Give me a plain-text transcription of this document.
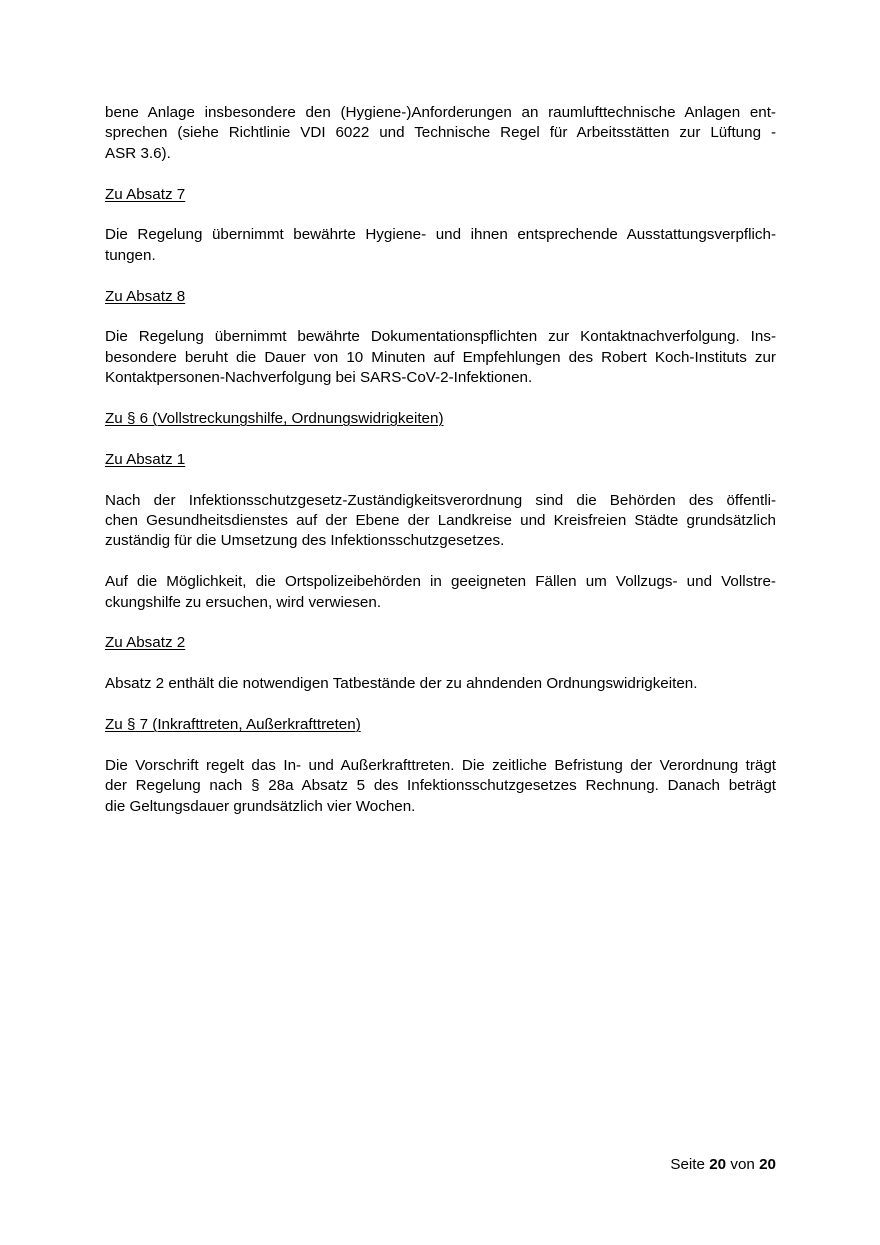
bene Anlage insbesondere den (Hygiene-)Anforderungen an raumlufttechnische Anlagen ent-
sprechen (siehe Richtlinie VDI 6022 und Technische Regel für Arbeitsstätten zur Lüftung -
ASR 3.6).

Zu Absatz 7

Die Regelung übernimmt bewährte Hygiene- und ihnen entsprechende Ausstattungsverpflich-
tungen.

Zu Absatz 8

Die Regelung übernimmt bewährte Dokumentationspflichten zur Kontaktnachverfolgung. Ins-
besondere beruht die Dauer von 10 Minuten auf Empfehlungen des Robert Koch-Instituts zur
Kontaktpersonen-Nachverfolgung bei SARS-CoV-2-Infektionen.

Zu § 6 (Vollstreckungshilfe, Ordnungswidrigkeiten)

Zu Absatz 1

Nach der Infektionsschutzgesetz-Zuständigkeitsverordnung sind die Behörden des öffentli-
chen Gesundheitsdienstes auf der Ebene der Landkreise und Kreisfreien Städte grundsätzlich
zuständig für die Umsetzung des Infektionsschutzgesetzes.
Auf die Möglichkeit, die Ortspolizeibehörden in geeigneten Fällen um Vollzugs- und Vollstre-
ckungshilfe zu ersuchen, wird verwiesen.

Zu Absatz 2

Absatz 2 enthält die notwendigen Tatbestände der zu ahndenden Ordnungswidrigkeiten.

Zu § 7 (Inkrafttreten, Außerkrafttreten)

Die Vorschrift regelt das In- und Außerkrafttreten. Die zeitliche Befristung der Verordnung trägt
der Regelung nach § 28a Absatz 5 des Infektionsschutzgesetzes Rechnung. Danach beträgt
die Geltungsdauer grundsätzlich vier Wochen.
Seite 20 von 20
